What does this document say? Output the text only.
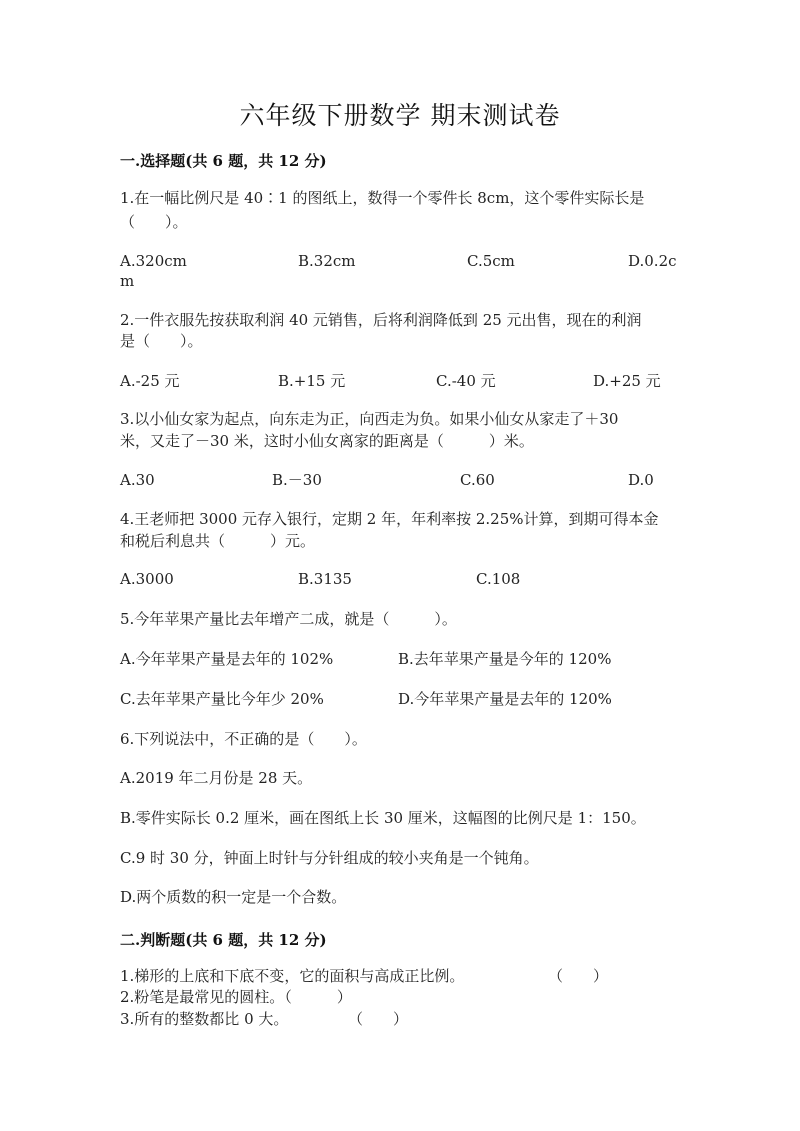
六年级下册数学 期末测试卷
一.选择题(共 6 题，共 12 分)
1.在一幅比例尺是 40∶1 的图纸上，数得一个零件长 8cm，这个零件实际长是
（　　）。
A.320cm	B.32cm	C.5cm	D.0.2c
m
2.一件衣服先按获取利润 40 元销售，后将利润降低到 25 元出售，现在的利润
是（　　）。
A.-25 元	B.+15 元	C.-40 元	D.+25 元
3.以小仙女家为起点，向东走为正，向西走为负。如果小仙女从家走了＋30
米，又走了－30 米，这时小仙女离家的距离是（　　　）米。
A.30	B.－30	C.60	D.0
4.王老师把 3000 元存入银行，定期 2 年，年利率按 2.25%计算，到期可得本金
和税后利息共（　　　）元。
A.3000	B.3135	C.108
5.今年苹果产量比去年增产二成，就是（　　　）。
A.今年苹果产量是去年的 102%	B.去年苹果产量是今年的 120%
C.去年苹果产量比今年少 20%	D.今年苹果产量是去年的 120%
6.下列说法中，不正确的是（　　）。
A.2019 年二月份是 28 天。
B.零件实际长 0.2 厘米，画在图纸上长 30 厘米，这幅图的比例尺是 1：150。
C.9 时 30 分，钟面上时针与分针组成的较小夹角是一个钝角。
D.两个质数的积一定是一个合数。
二.判断题(共 6 题，共 12 分)
1.梯形的上底和下底不变，它的面积与高成正比例。	（　　）
2.粉笔是最常见的圆柱。（　　　）
3.所有的整数都比 0 大。	（　　）
